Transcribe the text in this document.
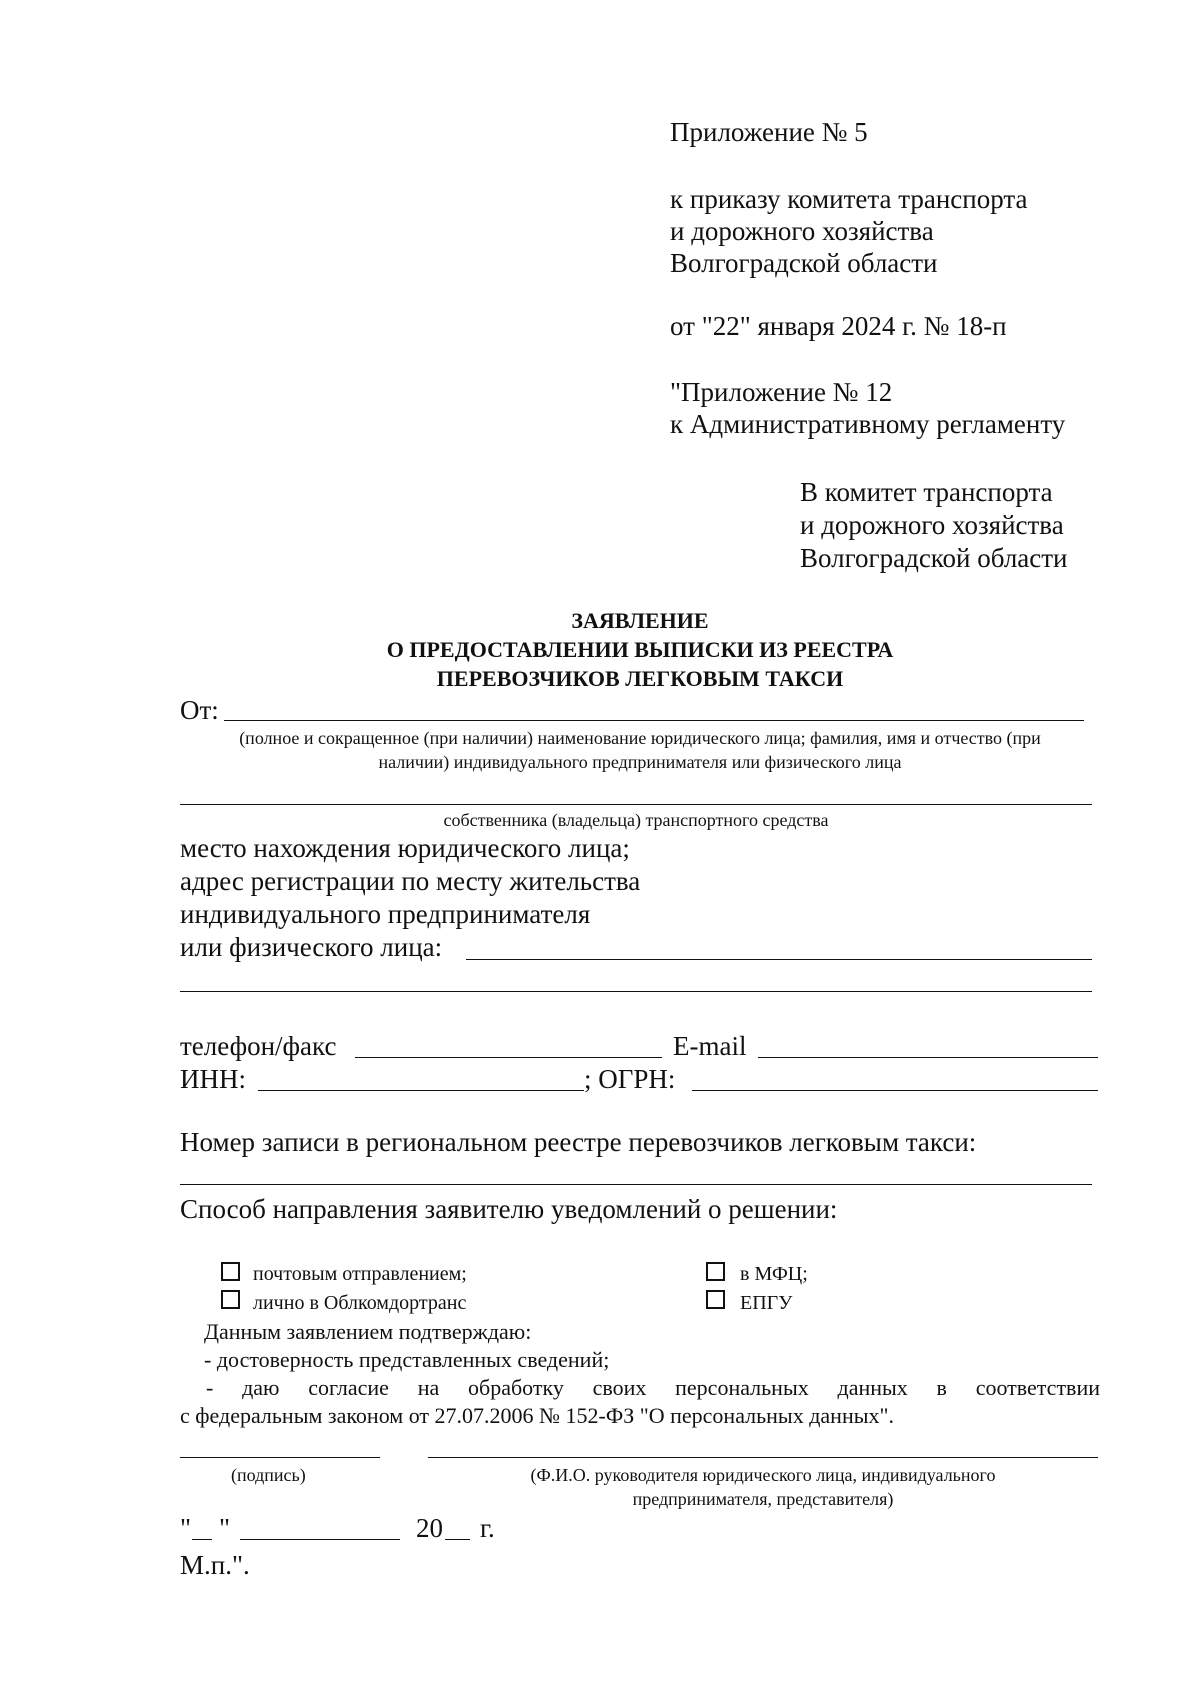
Приложение № 5
к приказу комитета транспорта
и дорожного хозяйства
Волгоградской области
от "22" января 2024 г. № 18-п
"Приложение № 12
к Административному регламенту
В комитет транспорта
и дорожного хозяйства
Волгоградской области
ЗАЯВЛЕНИЕ
О ПРЕДОСТАВЛЕНИИ ВЫПИСКИ ИЗ РЕЕСТРА
ПЕРЕВОЗЧИКОВ ЛЕГКОВЫМ ТАКСИ
От:
(полное и сокращенное (при наличии) наименование юридического лица; фамилия, имя и отчество (при
наличии) индивидуального предпринимателя или физического лица
собственника (владельца) транспортного средства
место нахождения юридического лица;
адрес регистрации по месту жительства
индивидуального предпринимателя
или физического лица:
телефон/факс	E-mail
ИНН:	; ОГРН:
Номер записи в региональном реестре перевозчиков легковым такси:
Способ направления заявителю уведомлений о решении:
почтовым отправлением;
лично в Облкомдортранс
в МФЦ;
ЕПГУ
Данным заявлением подтверждаю:
- достоверность представленных сведений;
- даю согласие на обработку своих персональных данных в соответствии
с федеральным законом от 27.07.2006 № 152-ФЗ "О персональных данных".
(подпись)	(Ф.И.О. руководителя юридического лица, индивидуального
предпринимателя, представителя)
" "	20 г.
М.п.".
